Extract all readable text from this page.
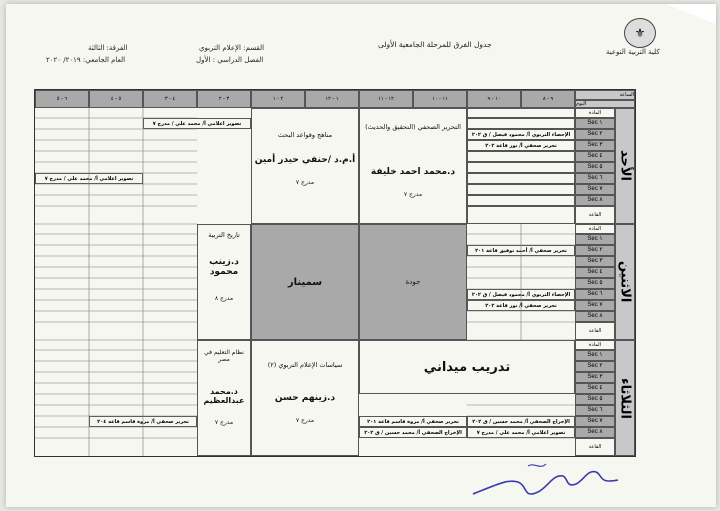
⚜
كلية التربية النوعية
جدول الفرق للمرحلة الجامعية الأولى
القسم: الإعلام التربوي
الفصل الدراسي : الأول
الفرقة: الثالثة
العام الجامعي: ٢٠١٩/ ٢٠٢٠
الساعة
اليوم
٩ - ٨
١٠ - ٩
١١ - ١٠
١٢ - ١١
١ - ١٢
٢ - ١
٣ - ٢
٤ - ٣
٥ - ٤
٦ - ٥
الأحد
الاثنين
الثلاثاء
المادة
Sec ١
Sec ٢
Sec ٣
Sec ٤
Sec ٥
Sec ٦
Sec ٧
Sec ٨
القاعة
المادة
Sec ١
Sec ٢
Sec ٣
Sec ٤
Sec ٥
Sec ٦
Sec ٧
Sec ٨
القاعة
المادة
Sec ١
Sec ٢
Sec ٣
Sec ٤
Sec ٥
Sec ٦
Sec ٧
Sec ٨
القاعة
الإحصاء التربوي أ/ محمود فيصل / ق ٢٠٢
تحرير صحفي أ/ نور قاعة ٢٠٢
التحرير الصحفي (التحقيق والحديث)
د.محمد احمد خليفة
مدرج ٧
مناهج وقواعد البحث
أ.م.د /حنفي حيدر أمين
مدرج ٧
تصوير اعلامي أ/ محمد علي / مدرج ٧
تصوير اعلامي أ/ محمد علي / مدرج ٧
تحرير صحفي أ/ أحمد توفيق قاعة ٢٠١
الإحصاء التربوي أ/ محمود فيصل / ق ٢٠٢
تحرير صحفي أ/ نور قاعة ٢٠٢
جودة
سمينار
تاريخ التربية
د.زينب محمود
مدرج ٨
تدريب ميداني
الإخراج الصحفي أ/ محمد حسين / ق ٢٠٢
تصوير اعلامي أ/ محمد علي / مدرج ٧
تحرير صحفي أ/ مروة قاسم قاعة ٢٠١
الإخراج الصحفي أ/ محمد حسين / ق ٢٠٢
سياسات الإعلام التربوي (٢)
د.زينهم حسن
مدرج ٧
نظام التعليم في مصر
د.محمد عبدالعظيم
مدرج ٧
تحرير صحفي أ/ مروة قاسم قاعة ٢٠٤
